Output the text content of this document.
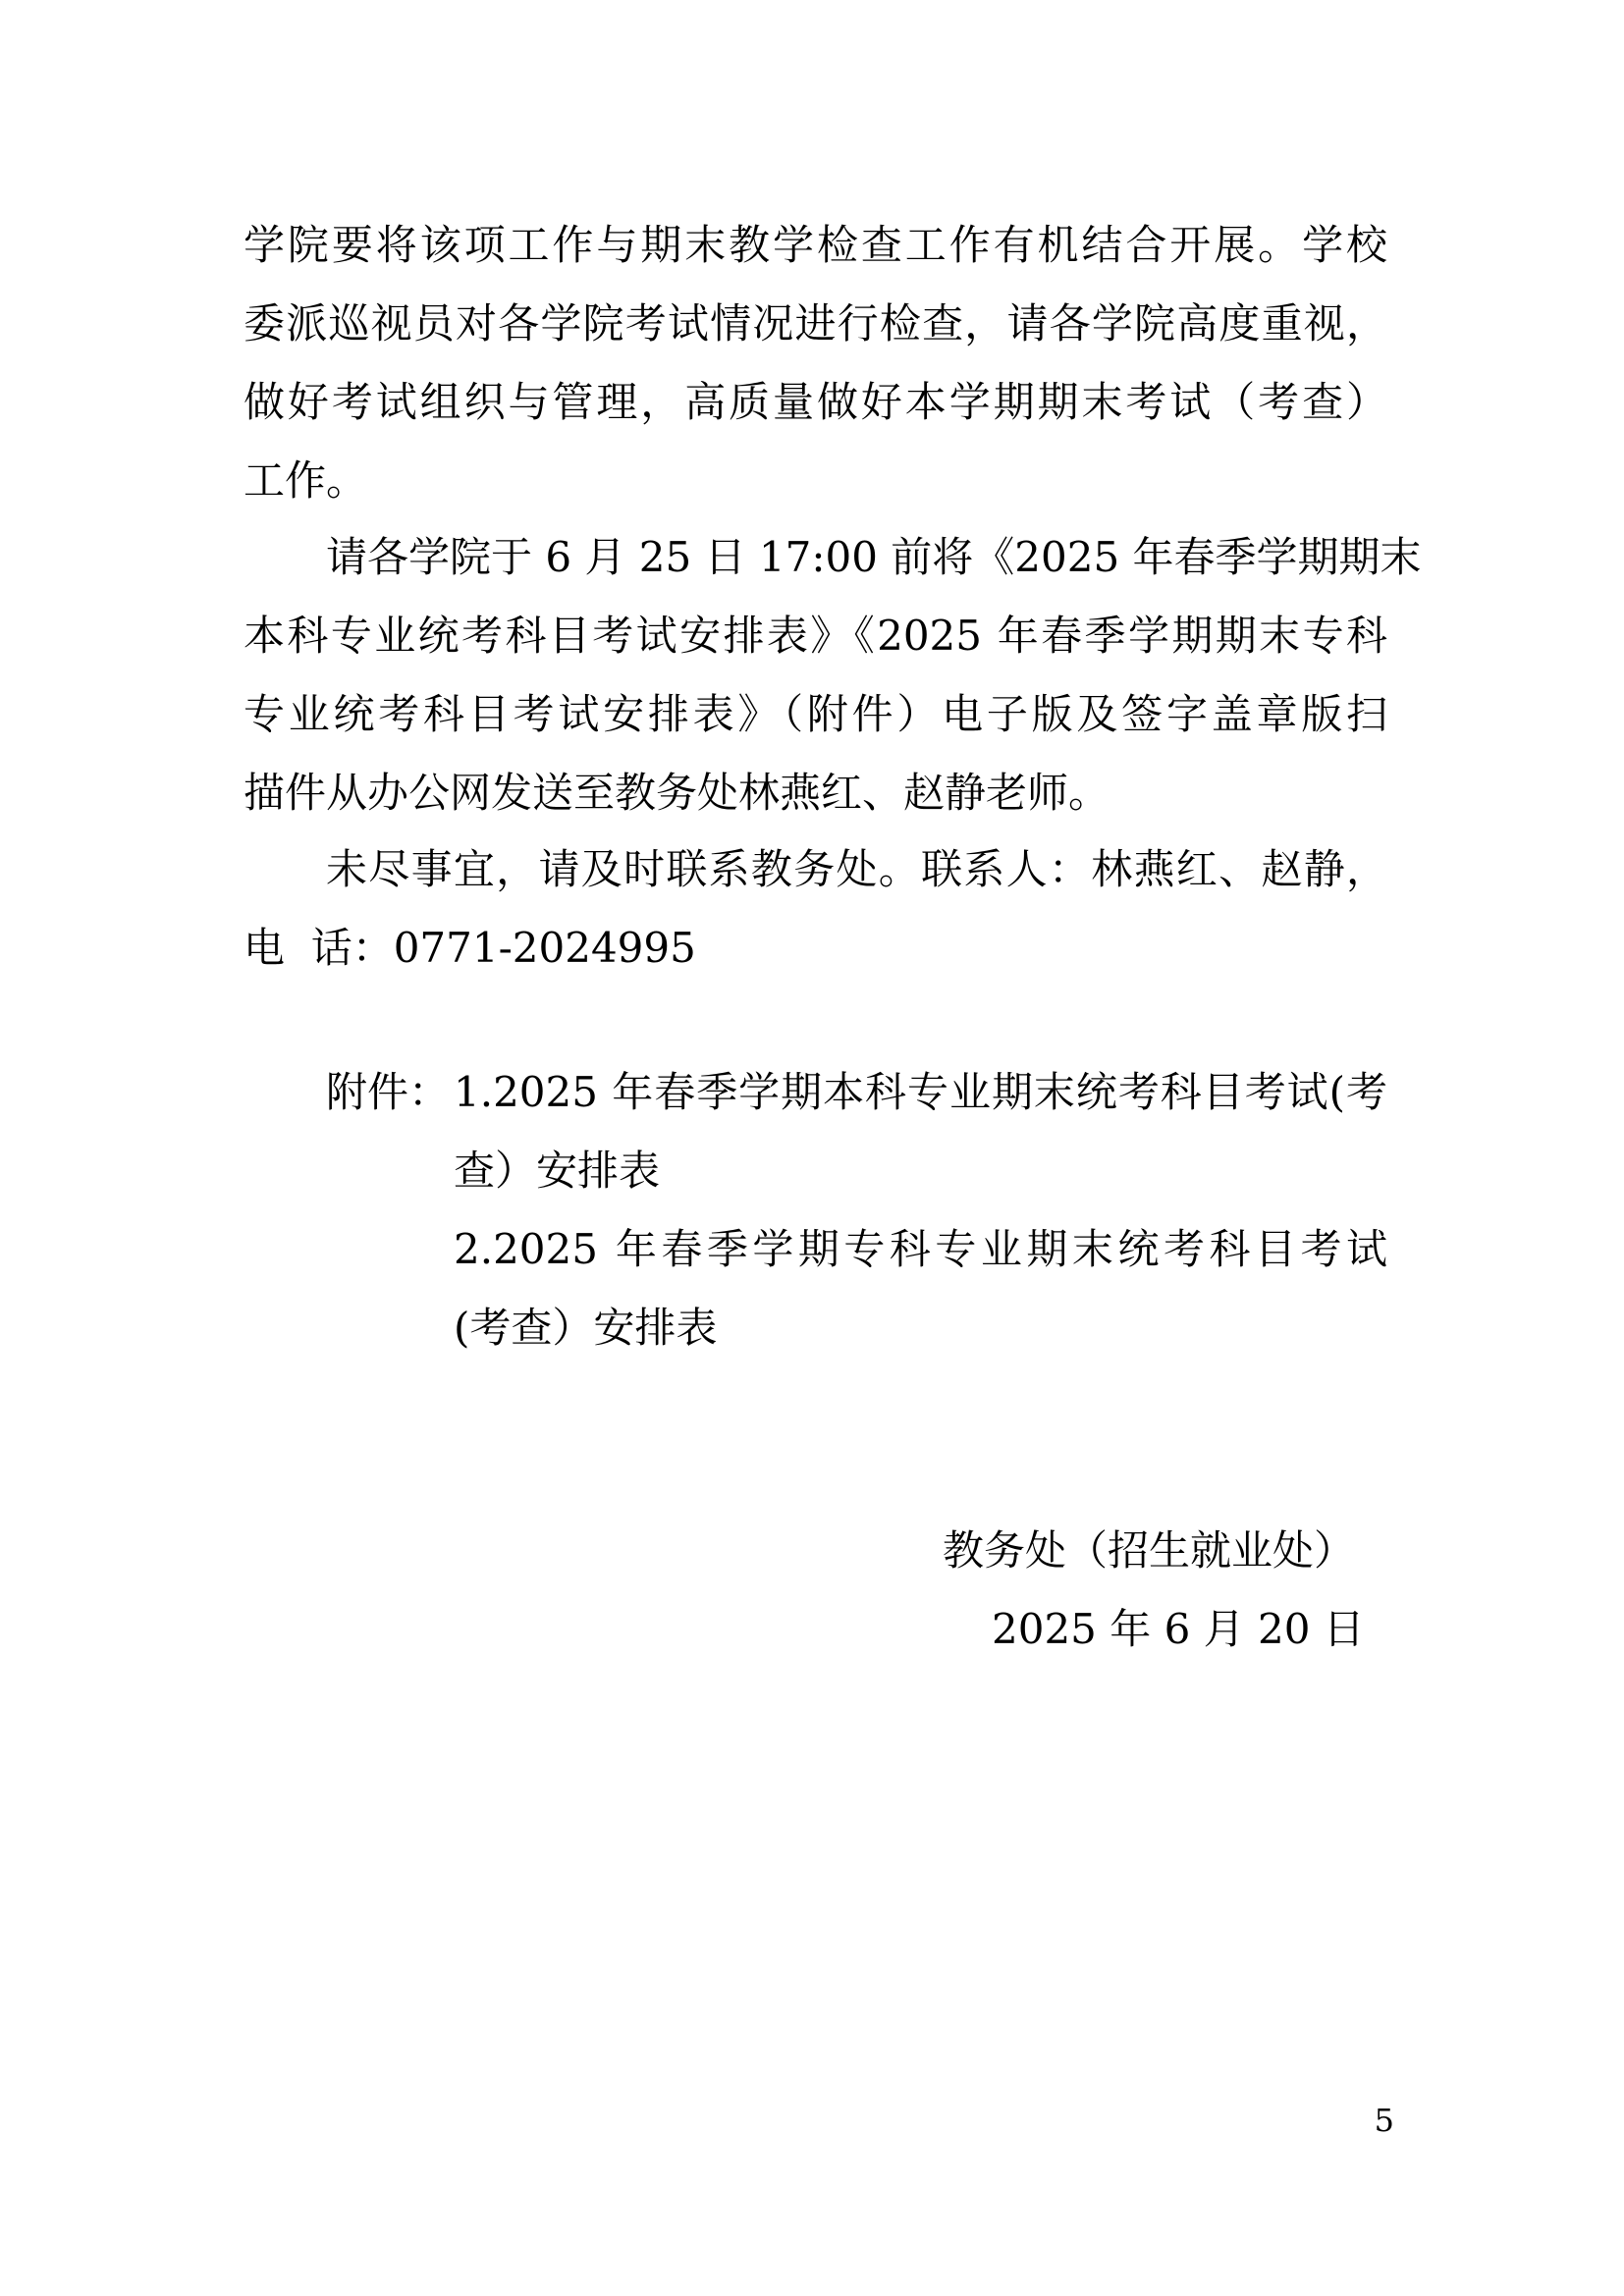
学院要将该项工作与期末教学检查工作有机结合开展。学校
委派巡视员对各学院考试情况进行检查，请各学院高度重视，
做好考试组织与管理，高质量做好本学期期末考试（考查）
工作。
请各学院于 6 月 25 日 17:00 前将《2025 年春季学期期末
本科专业统考科目考试安排表》《2025 年春季学期期末专科
专业统考科目考试安排表》（附件）电子版及签字盖章版扫
描件从办公网发送至教务处林燕红、赵静老师。
未尽事宜，请及时联系教务处。联系人：林燕红、赵静，
电  话：0771-2024995
附件： 1.2025 年春季学期本科专业期末统考科目考试(考
查）安排表
2.2025 年春季学期专科专业期末统考科目考试
(考查）安排表
教务处（招生就业处）
2025 年 6 月 20 日
5
